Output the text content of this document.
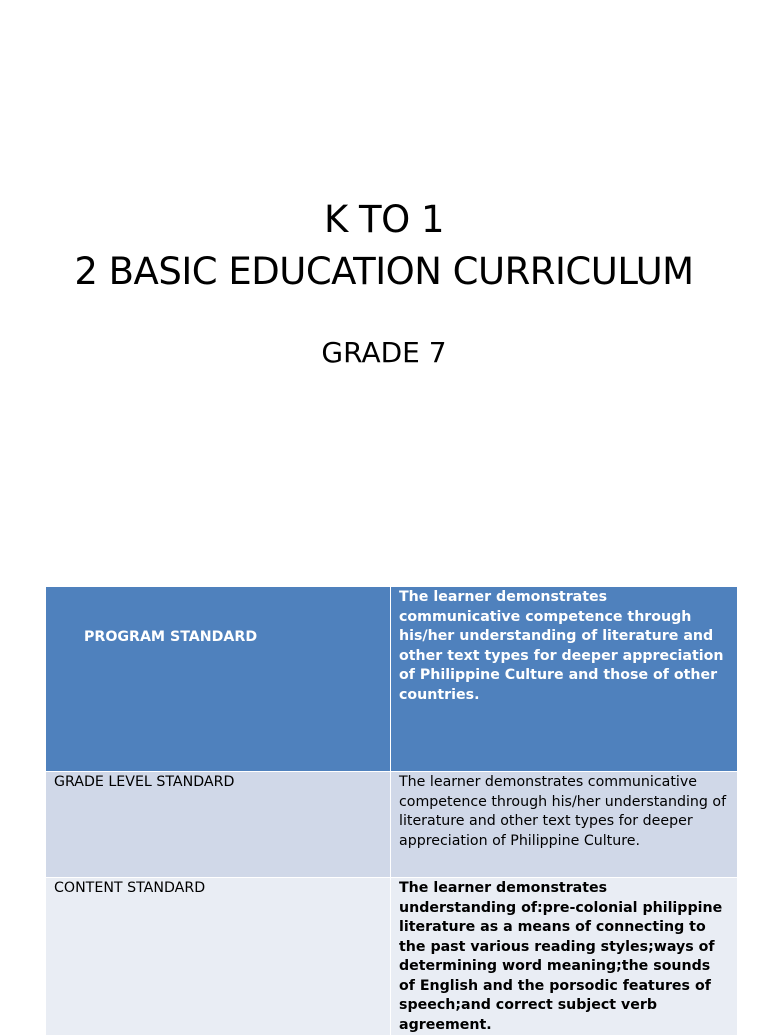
K TO 1
2 BASIC EDUCATION CURRICULUM
GRADE 7
PROGRAM STANDARD	The learner demonstrates communicative competence through his/her understanding of literature and other text types for deeper appreciation of Philippine Culture and those of other countries.
GRADE LEVEL STANDARD	The learner demonstrates communicative competence through his/her understanding of literature and other text types for deeper appreciation of Philippine Culture.
CONTENT STANDARD	The learner demonstrates understanding of:pre-colonial philippine literature as a means of connecting to the past various reading styles;ways of determining word meaning;the sounds of English and the porsodic features of speech;and correct subject verb agreement.
